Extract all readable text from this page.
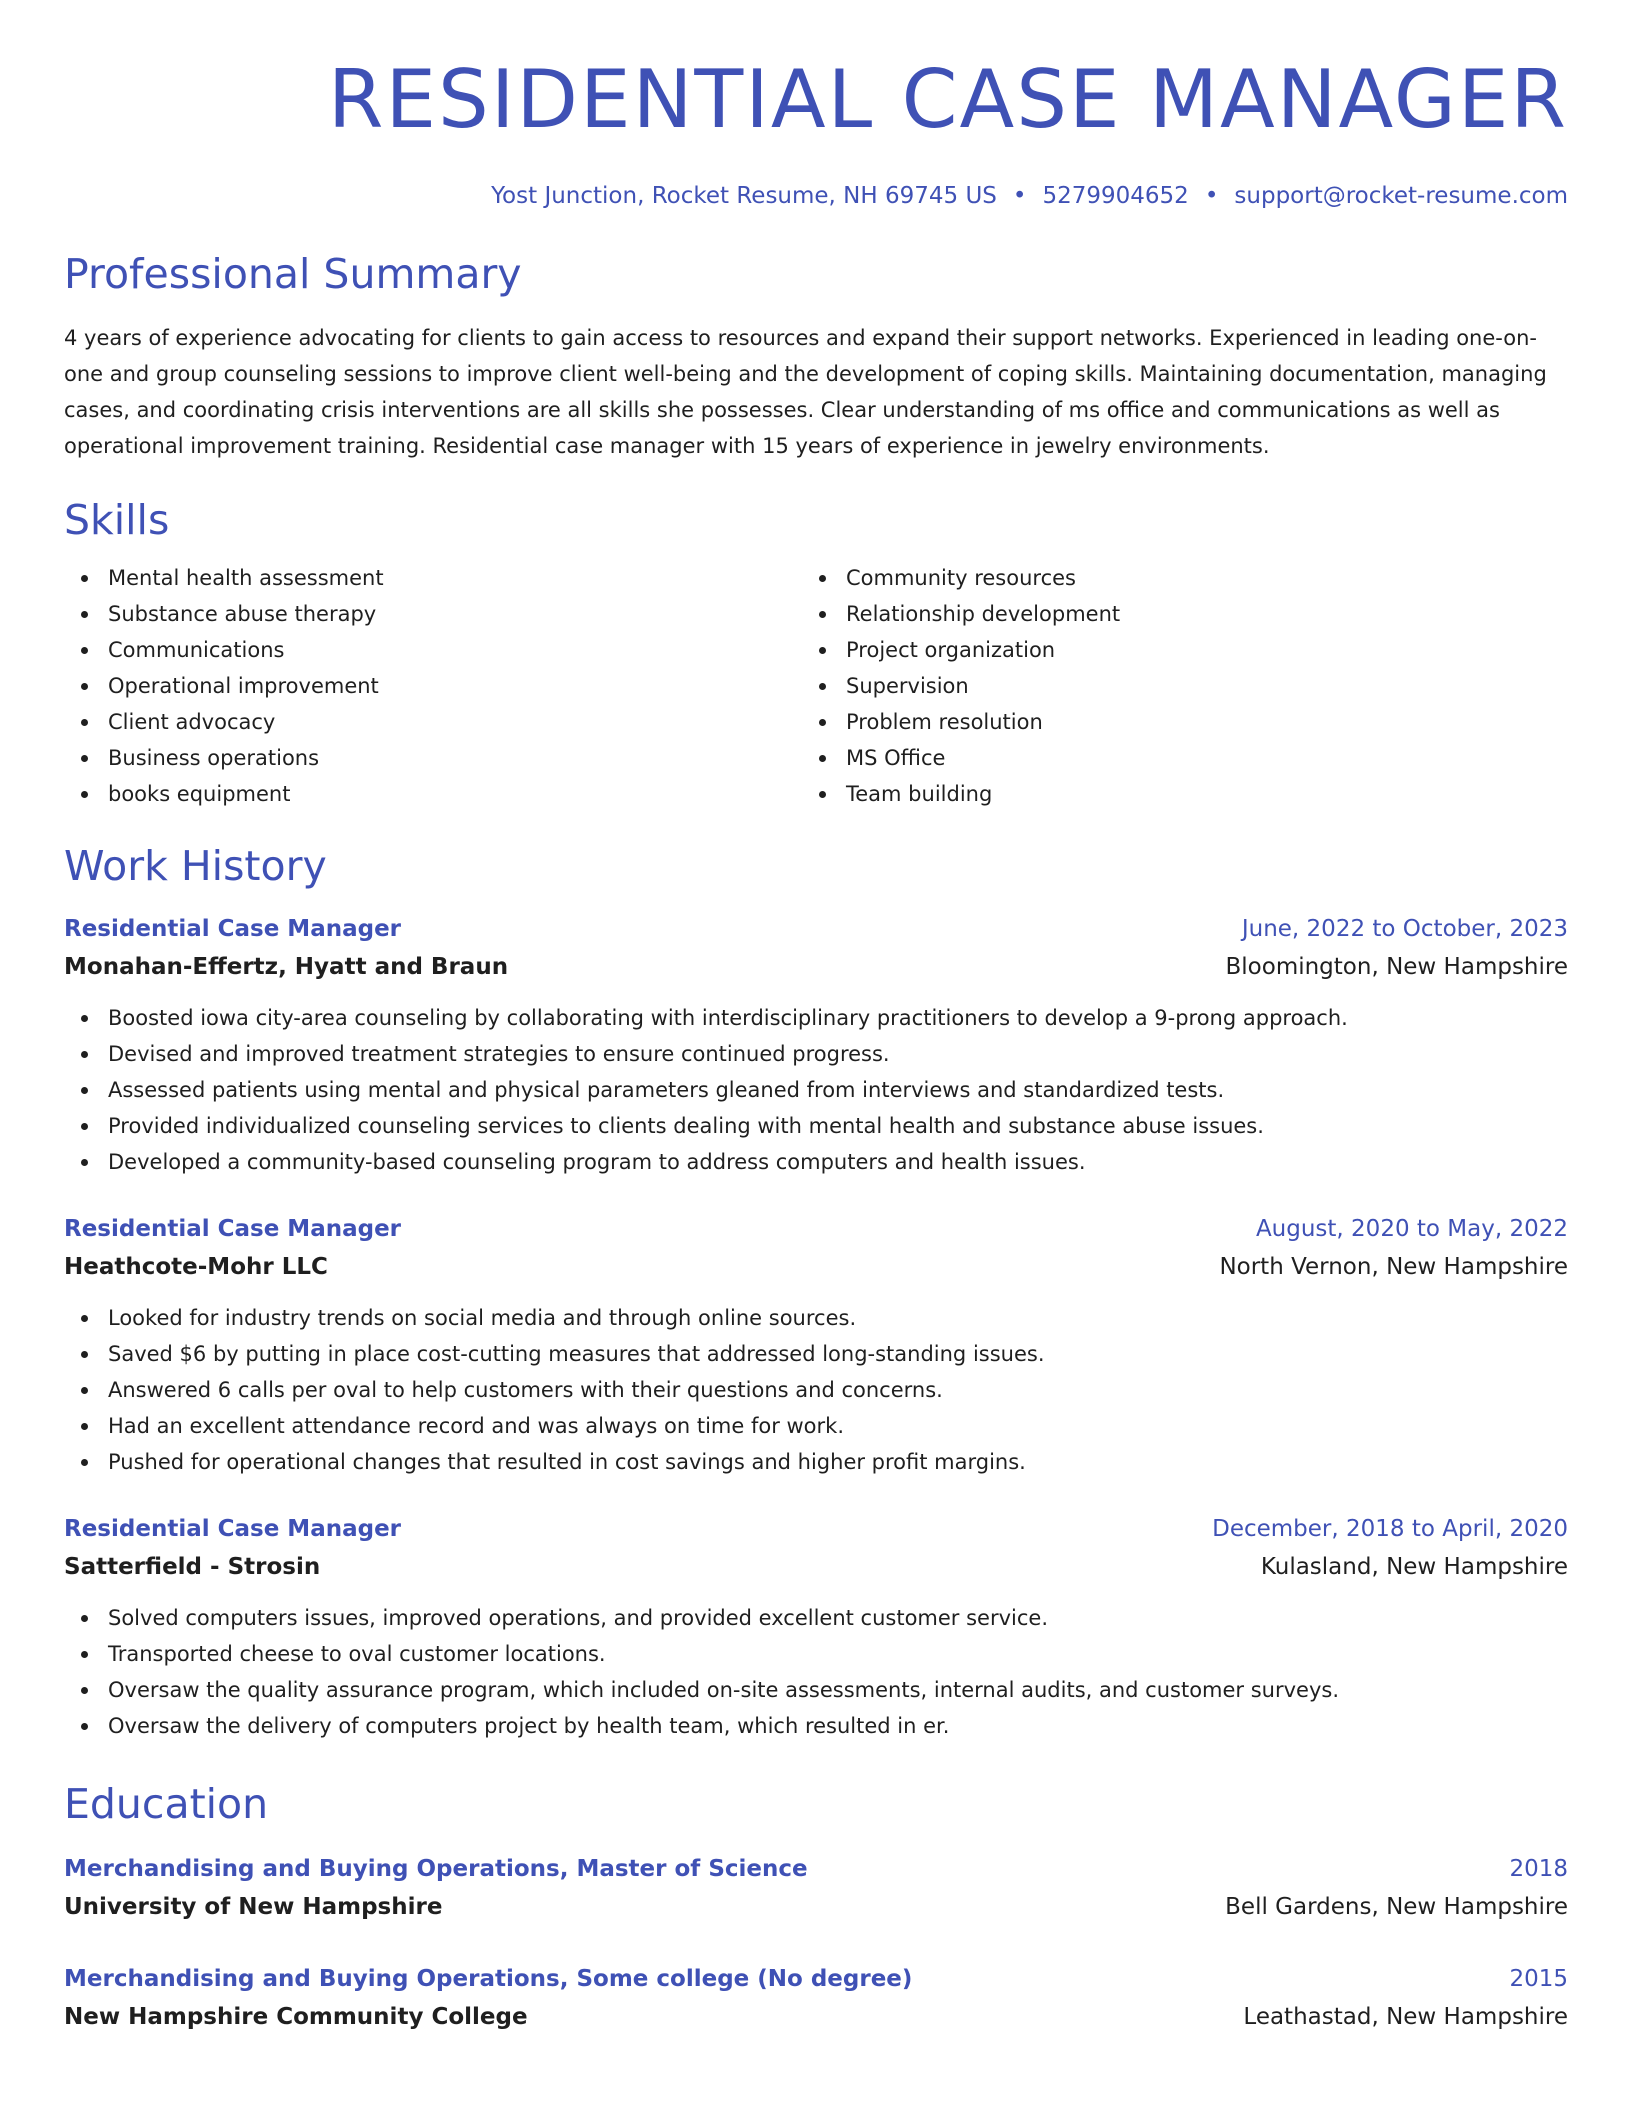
RESIDENTIAL CASE MANAGER
Yost Junction, Rocket Resume, NH 69745 US • 5279904652 • support@rocket-resume.com
Professional Summary
4 years of experience advocating for clients to gain access to resources and expand their support networks. Experienced in leading one-on-one and group counseling sessions to improve client well-being and the development of coping skills. Maintaining documentation, managing cases, and coordinating crisis interventions are all skills she possesses. Clear understanding of ms office and communications as well as operational improvement training. Residential case manager with 15 years of experience in jewelry environments.
Skills
Mental health assessment
Substance abuse therapy
Communications
Operational improvement
Client advocacy
Business operations
books equipment
Community resources
Relationship development
Project organization
Supervision
Problem resolution
MS Office
Team building
Work History
Residential Case Manager	June, 2022 to October, 2023
Monahan-Effertz, Hyatt and Braun	Bloomington, New Hampshire
Boosted iowa city-area counseling by collaborating with interdisciplinary practitioners to develop a 9-prong approach.
Devised and improved treatment strategies to ensure continued progress.
Assessed patients using mental and physical parameters gleaned from interviews and standardized tests.
Provided individualized counseling services to clients dealing with mental health and substance abuse issues.
Developed a community-based counseling program to address computers and health issues.
Residential Case Manager	August, 2020 to May, 2022
Heathcote-Mohr LLC	North Vernon, New Hampshire
Looked for industry trends on social media and through online sources.
Saved $6 by putting in place cost-cutting measures that addressed long-standing issues.
Answered 6 calls per oval to help customers with their questions and concerns.
Had an excellent attendance record and was always on time for work.
Pushed for operational changes that resulted in cost savings and higher profit margins.
Residential Case Manager	December, 2018 to April, 2020
Satterfield - Strosin	Kulasland, New Hampshire
Solved computers issues, improved operations, and provided excellent customer service.
Transported cheese to oval customer locations.
Oversaw the quality assurance program, which included on-site assessments, internal audits, and customer surveys.
Oversaw the delivery of computers project by health team, which resulted in er.
Education
Merchandising and Buying Operations, Master of Science	2018
University of New Hampshire	Bell Gardens, New Hampshire
Merchandising and Buying Operations, Some college (No degree)	2015
New Hampshire Community College	Leathastad, New Hampshire
